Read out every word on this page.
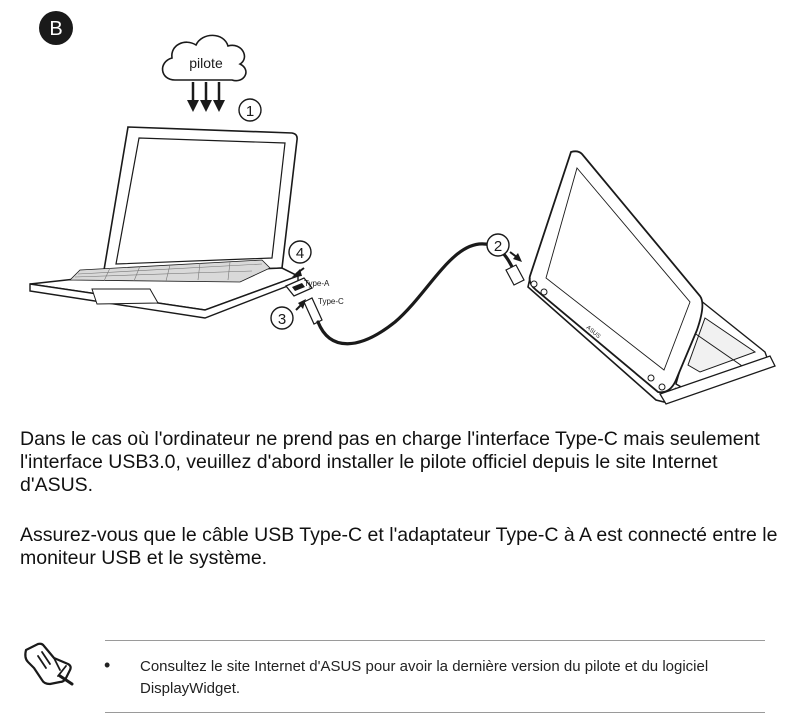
B
pilote
1
4
Type-A
Type-C
3
2
ASUS

Dans le cas où l'ordinateur ne prend pas en charge l'interface Type-C mais seulement l'interface USB3.0, veuillez d'abord installer le pilote officiel depuis le site Internet d'ASUS.

Assurez-vous que le câble USB Type-C et l'adaptateur Type-C à A est connecté entre le moniteur USB et le système.

• Consultez le site Internet d'ASUS pour avoir la dernière version du pilote et du logiciel DisplayWidget.
